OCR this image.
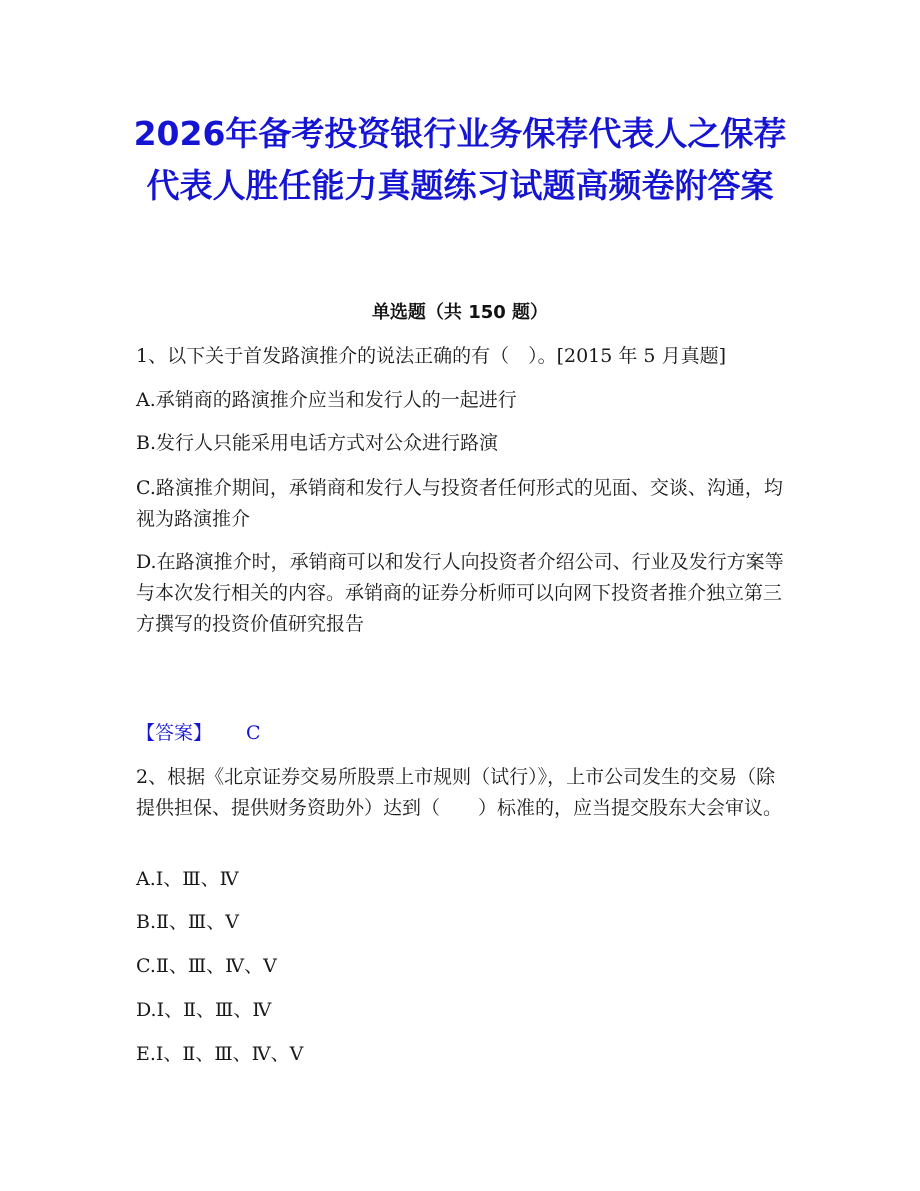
2026年备考投资银行业务保荐代表人之保荐代表人胜任能力真题练习试题高频卷附答案
单选题（共 150 题）
1、以下关于首发路演推介的说法正确的有（　）。[2015 年 5 月真题]
A.承销商的路演推介应当和发行人的一起进行
B.发行人只能采用电话方式对公众进行路演
C.路演推介期间，承销商和发行人与投资者任何形式的见面、交谈、沟通，均视为路演推介
D.在路演推介时，承销商可以和发行人向投资者介绍公司、行业及发行方案等与本次发行相关的内容。承销商的证券分析师可以向网下投资者推介独立第三方撰写的投资价值研究报告
【答案】 C
2、根据《北京证券交易所股票上市规则（试行）》，上市公司发生的交易（除提供担保、提供财务资助外）达到（　　）标准的，应当提交股东大会审议。
A.Ⅰ、Ⅲ、Ⅳ
B.Ⅱ、Ⅲ、Ⅴ
C.Ⅱ、Ⅲ、Ⅳ、Ⅴ
D.Ⅰ、Ⅱ、Ⅲ、Ⅳ
E.Ⅰ、Ⅱ、Ⅲ、Ⅳ、Ⅴ
